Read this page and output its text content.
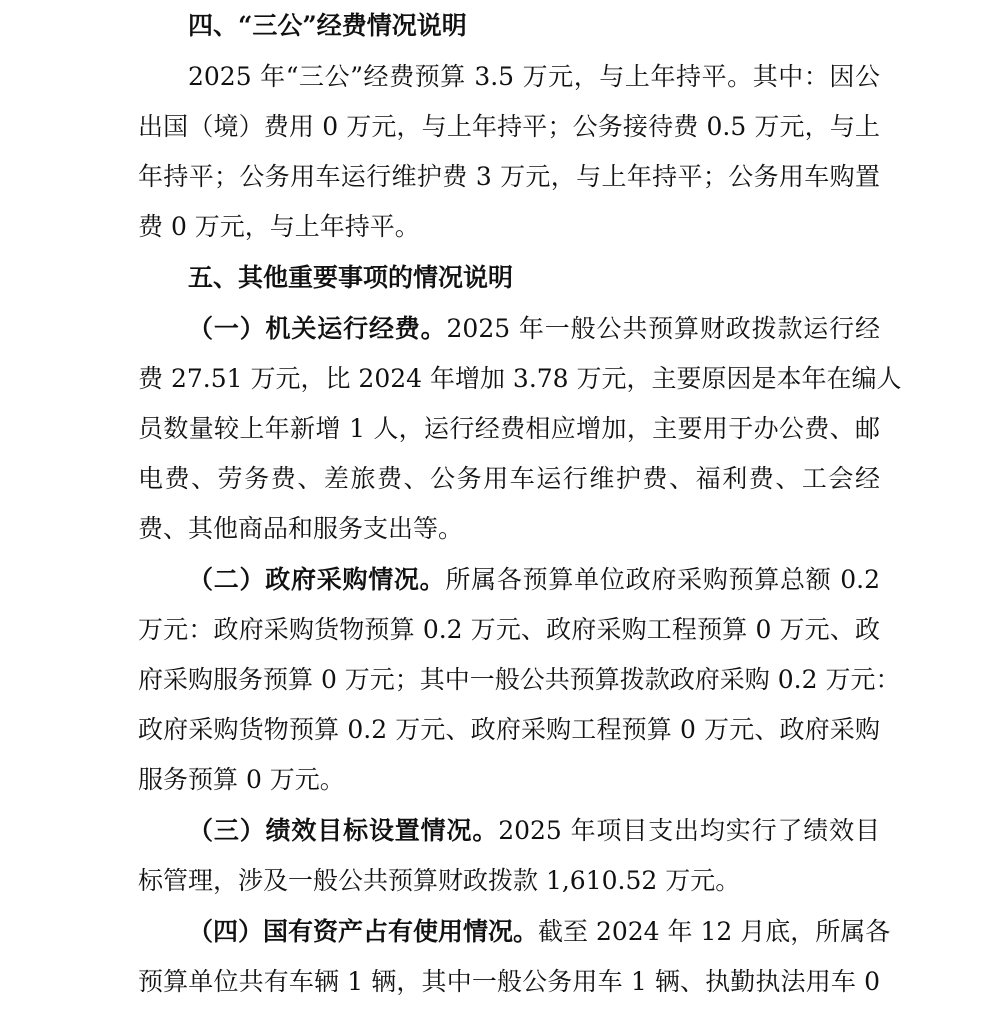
四、“三公”经费情况说明
2025 年“三公”经费预算 3.5 万元，与上年持平。其中：因公
出国（境）费用 0 万元，与上年持平；公务接待费 0.5 万元，与上
年持平；公务用车运行维护费 3 万元，与上年持平；公务用车购置
费 0 万元，与上年持平。
五、其他重要事项的情况说明
（一）机关运行经费。2025 年一般公共预算财政拨款运行经
费 27.51 万元，比 2024 年增加 3.78 万元，主要原因是本年在编人
员数量较上年新增 1 人，运行经费相应增加，主要用于办公费、邮
电费、劳务费、差旅费、公务用车运行维护费、福利费、工会经
费、其他商品和服务支出等。
（二）政府采购情况。所属各预算单位政府采购预算总额 0.2
万元：政府采购货物预算 0.2 万元、政府采购工程预算 0 万元、政
府采购服务预算 0 万元；其中一般公共预算拨款政府采购 0.2 万元：
政府采购货物预算 0.2 万元、政府采购工程预算 0 万元、政府采购
服务预算 0 万元。
（三）绩效目标设置情况。2025 年项目支出均实行了绩效目
标管理，涉及一般公共预算财政拨款 1,610.52 万元。
（四）国有资产占有使用情况。截至 2024 年 12 月底，所属各
预算单位共有车辆 1 辆，其中一般公务用车 1 辆、执勤执法用车 0
